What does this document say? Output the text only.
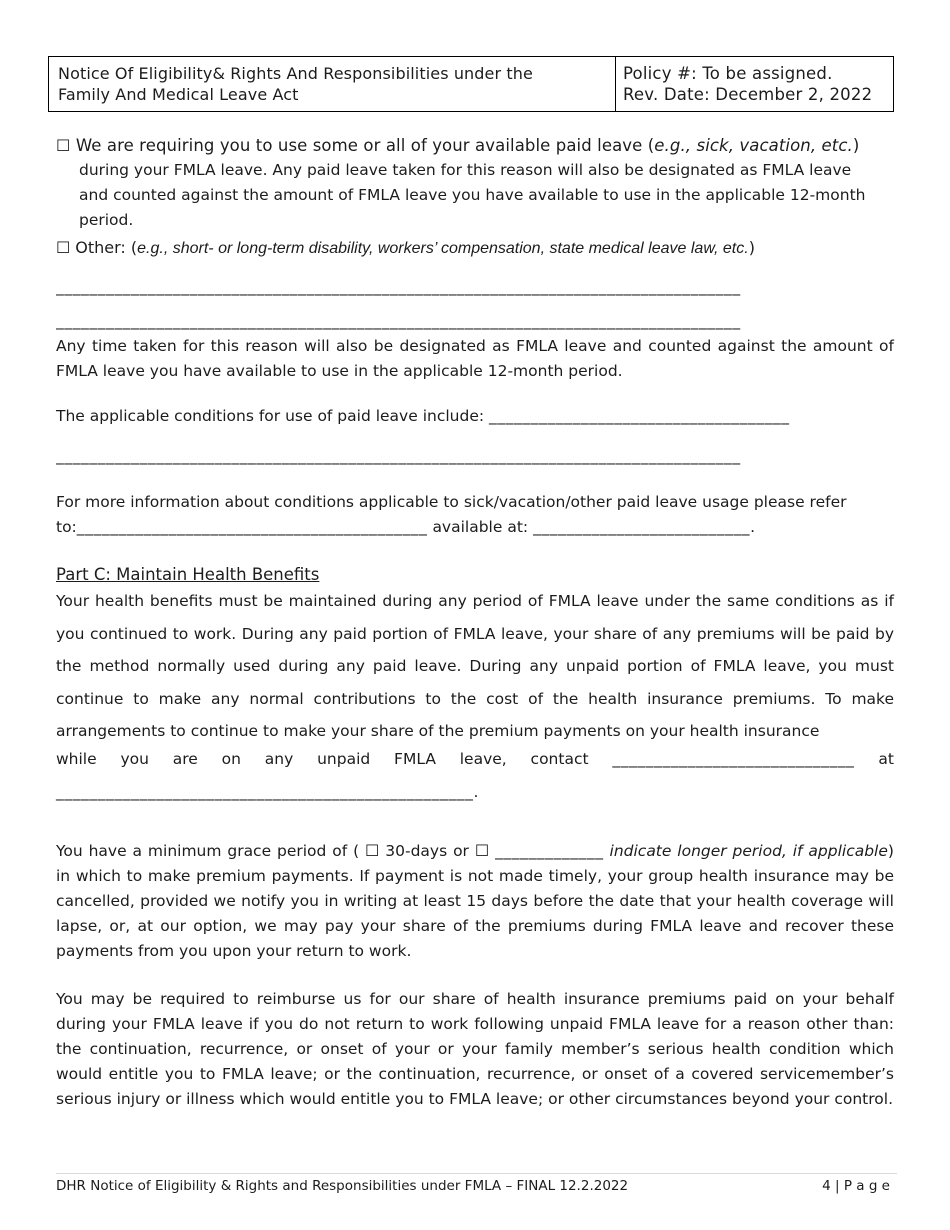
Notice Of Eligibility& Rights And Responsibilities under the
Family And Medical Leave Act
Policy #: To be assigned.
Rev. Date: December 2, 2022
☐ We are requiring you to use some or all of your available paid leave (e.g., sick, vacation, etc.)
during your FMLA leave. Any paid leave taken for this reason will also be designated as FMLA leave
and counted against the amount of FMLA leave you have available to use in the applicable 12-month
period.
☐ Other: (e.g., short- or long-term disability, workers’ compensation, state medical leave law, etc.)
__________________________________________________________________________________
__________________________________________________________________________________
Any time taken for this reason will also be designated as FMLA leave and counted against the amount of FMLA leave you have available to use in the applicable 12-month period.
The applicable conditions for use of paid leave include: ____________________________________
__________________________________________________________________________________
For more information about conditions applicable to sick/vacation/other paid leave usage please refer
to:__________________________________________ available at: __________________________.
Part C: Maintain Health Benefits
Your health benefits must be maintained during any period of FMLA leave under the same conditions as if you continued to work. During any paid portion of FMLA leave, your share of any premiums will be paid by the method normally used during any paid leave. During any unpaid portion of FMLA leave, you must continue to make any normal contributions to the cost of the health insurance premiums. To make arrangements to continue to make your share of the premium payments on your health insurance
while you are on any unpaid FMLA leave, contact _____________________________ at
__________________________________________________.
You have a minimum grace period of ( ☐ 30-days or ☐ _____________ indicate longer period, if applicable) in which to make premium payments. If payment is not made timely, your group health insurance may be cancelled, provided we notify you in writing at least 15 days before the date that your health coverage will lapse, or, at our option, we may pay your share of the premiums during FMLA leave and recover these payments from you upon your return to work.
You may be required to reimburse us for our share of health insurance premiums paid on your behalf during your FMLA leave if you do not return to work following unpaid FMLA leave for a reason other than: the continuation, recurrence, or onset of your or your family member’s serious health condition which would entitle you to FMLA leave; or the continuation, recurrence, or onset of a covered servicemember’s serious injury or illness which would entitle you to FMLA leave; or other circumstances beyond your control.
DHR Notice of Eligibility & Rights and Responsibilities under FMLA – FINAL 12.2.2022	4 | P a g e
